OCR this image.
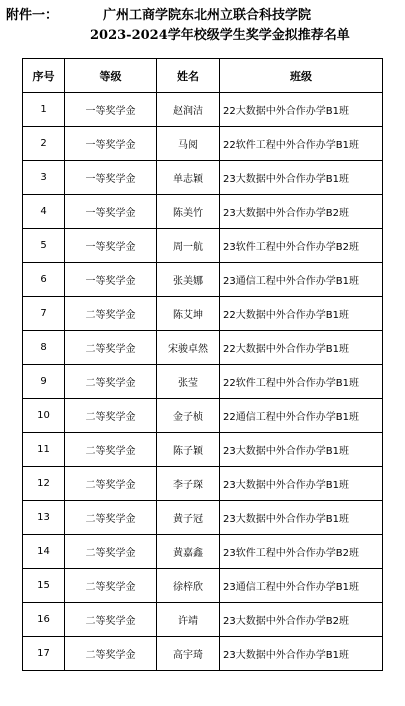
附件一：	广州工商学院东北州立联合科技学院
2023-2024学年校级学生奖学金拟推荐名单
序号	等级	姓名	班级
1	一等奖学金	赵润洁	22大数据中外合作办学B1班
2	一等奖学金	马阅	22软件工程中外合作办学B1班
3	一等奖学金	单志颖	23大数据中外合作办学B1班
4	一等奖学金	陈美竹	23大数据中外合作办学B2班
5	一等奖学金	周一航	23软件工程中外合作办学B2班
6	一等奖学金	张美娜	23通信工程中外合作办学B1班
7	二等奖学金	陈艾坤	22大数据中外合作办学B1班
8	二等奖学金	宋骏卓然	22大数据中外合作办学B1班
9	二等奖学金	张莹	22软件工程中外合作办学B1班
10	二等奖学金	金子桢	22通信工程中外合作办学B1班
11	二等奖学金	陈子颖	23大数据中外合作办学B1班
12	二等奖学金	李子琛	23大数据中外合作办学B1班
13	二等奖学金	黄子冠	23大数据中外合作办学B1班
14	二等奖学金	黄嘉鑫	23软件工程中外合作办学B2班
15	二等奖学金	徐梓欣	23通信工程中外合作办学B1班
16	二等奖学金	许靖	23大数据中外合作办学B2班
17	二等奖学金	高宇琦	23大数据中外合作办学B1班
